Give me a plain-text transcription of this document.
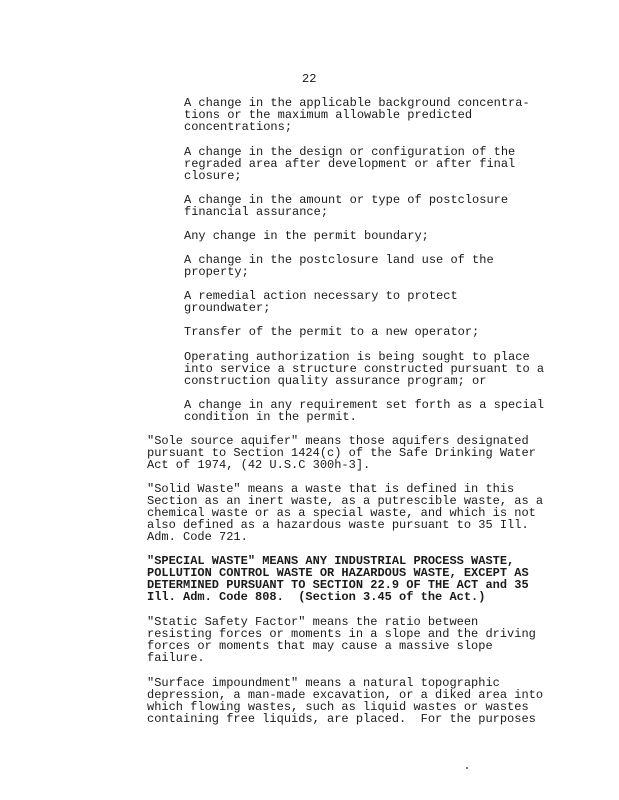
22
A change in the applicable background concentra-
tions or the maximum allowable predicted
concentrations;
A change in the design or configuration of the
regraded area after development or after final
closure;
A change in the amount or type of postclosure
financial assurance;
Any change in the permit boundary;
A change in the postclosure land use of the
property;
A remedial action necessary to protect
groundwater;
Transfer of the permit to a new operator;
Operating authorization is being sought to place
into service a structure constructed pursuant to a
construction quality assurance program; or
A change in any requirement set forth as a special
condition in the permit.
"Sole source aquifer" means those aquifers designated
pursuant to Section 1424(c) of the Safe Drinking Water
Act of 1974, (42 U.S.C 300h-3].
"Solid Waste" means a waste that is defined in this
Section as an inert waste, as a putrescible waste, as a
chemical waste or as a special waste, and which is not
also defined as a hazardous waste pursuant to 35 Ill.
Adm. Code 721.
"SPECIAL WASTE" MEANS ANY INDUSTRIAL PROCESS WASTE,
POLLUTION CONTROL WASTE OR HAZARDOUS WASTE, EXCEPT AS
DETERMINED PURSUANT TO SECTION 22.9 OF THE ACT and 35
Ill. Adm. Code 808.  (Section 3.45 of the Act.)
"Static Safety Factor" means the ratio between
resisting forces or moments in a slope and the driving
forces or moments that may cause a massive slope
failure.
"Surface impoundment" means a natural topographic
depression, a man-made excavation, or a diked area into
which flowing wastes, such as liquid wastes or wastes
containing free liquids, are placed.  For the purposes
